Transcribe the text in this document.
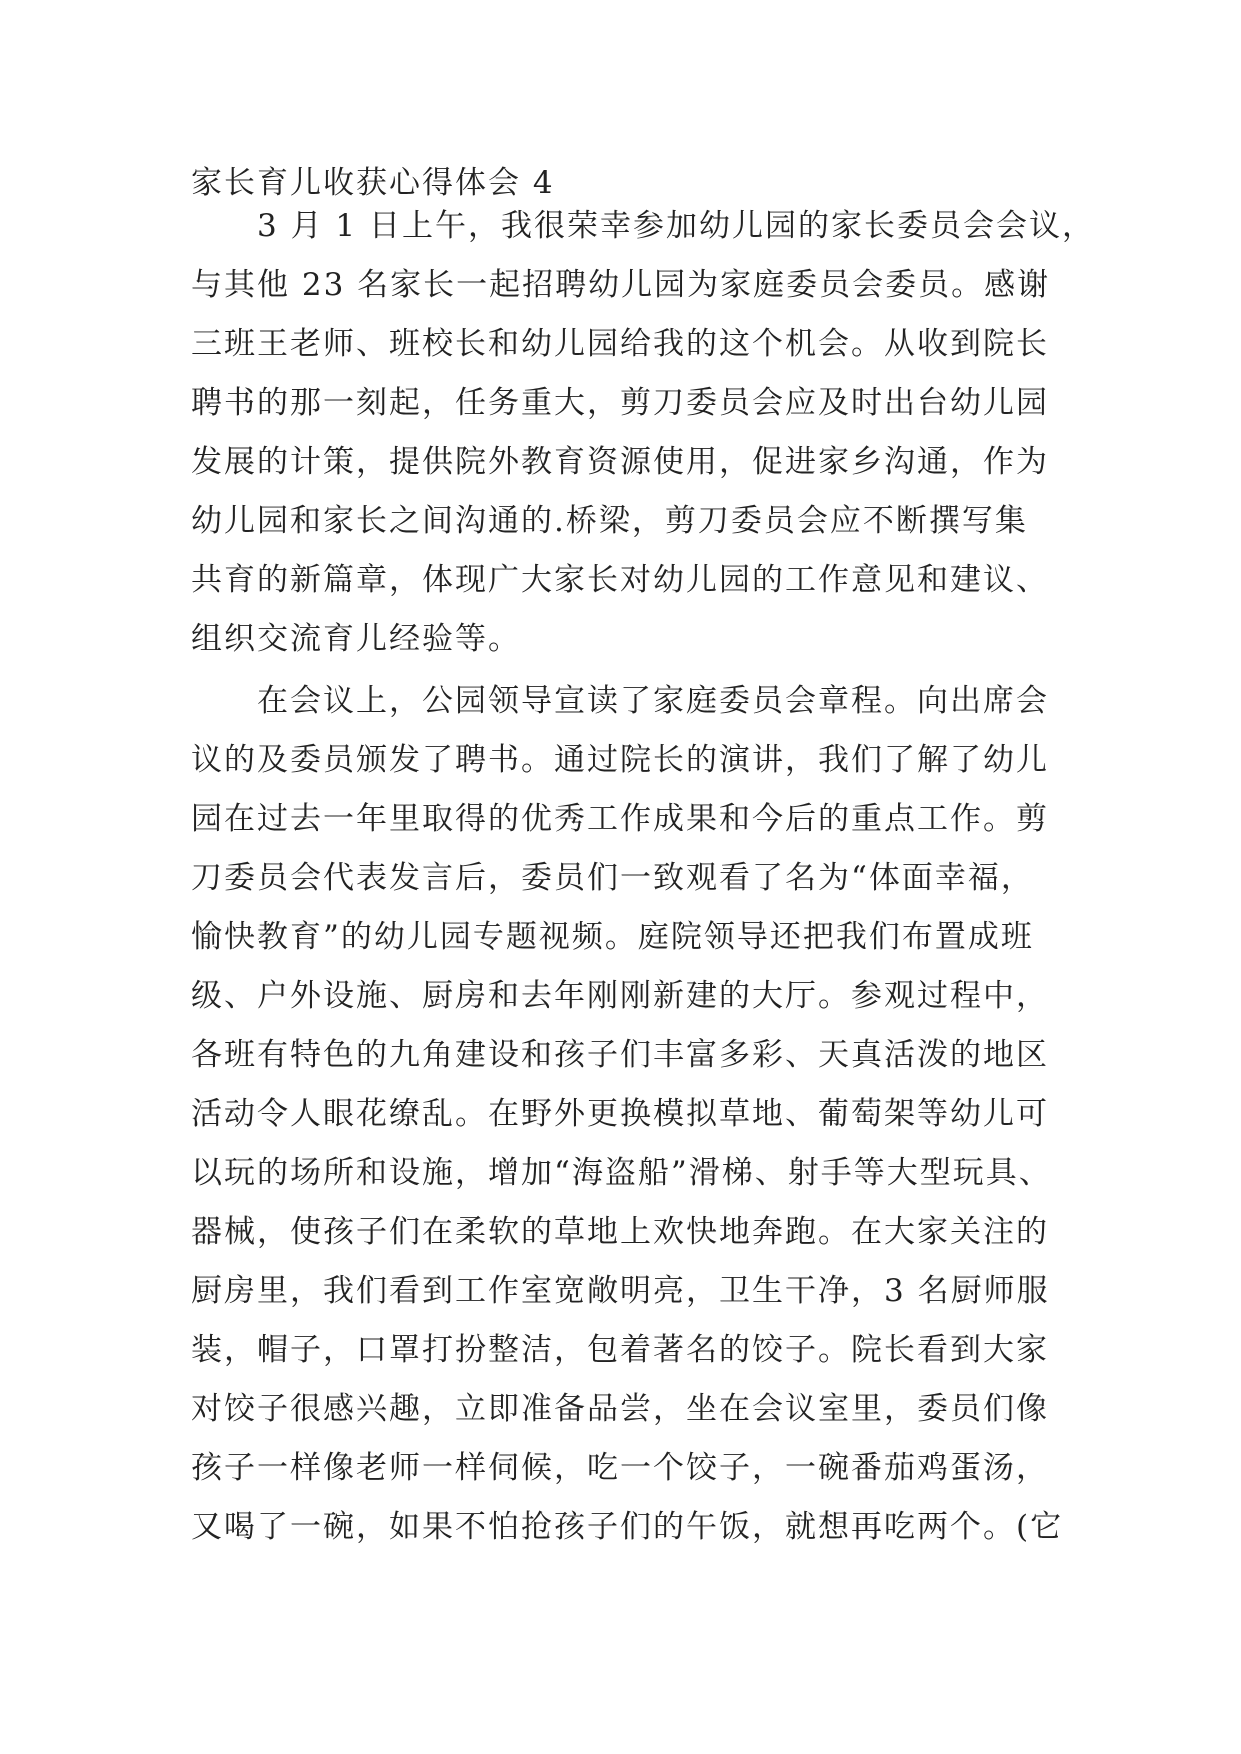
家长育儿收获心得体会 4

3 月 1 日上午，我很荣幸参加幼儿园的家长委员会会议，
与其他 23 名家长一起招聘幼儿园为家庭委员会委员。感谢
三班王老师、班校长和幼儿园给我的这个机会。从收到院长
聘书的那一刻起，任务重大，剪刀委员会应及时出台幼儿园
发展的计策，提供院外教育资源使用，促进家乡沟通，作为
幼儿园和家长之间沟通的.桥梁，剪刀委员会应不断撰写集
共育的新篇章，体现广大家长对幼儿园的工作意见和建议、
组织交流育儿经验等。

在会议上，公园领导宣读了家庭委员会章程。向出席会
议的及委员颁发了聘书。通过院长的演讲，我们了解了幼儿
园在过去一年里取得的优秀工作成果和今后的重点工作。剪
刀委员会代表发言后，委员们一致观看了名为“体面幸福，
愉快教育”的幼儿园专题视频。庭院领导还把我们布置成班
级、户外设施、厨房和去年刚刚新建的大厅。参观过程中，
各班有特色的九角建设和孩子们丰富多彩、天真活泼的地区
活动令人眼花缭乱。在野外更换模拟草地、葡萄架等幼儿可
以玩的场所和设施，增加“海盗船”滑梯、射手等大型玩具、
器械，使孩子们在柔软的草地上欢快地奔跑。在大家关注的
厨房里，我们看到工作室宽敞明亮，卫生干净，3 名厨师服
装，帽子，口罩打扮整洁，包着著名的饺子。院长看到大家
对饺子很感兴趣，立即准备品尝，坐在会议室里，委员们像
孩子一样像老师一样伺候，吃一个饺子，一碗番茄鸡蛋汤，
又喝了一碗，如果不怕抢孩子们的午饭，就想再吃两个。(它
